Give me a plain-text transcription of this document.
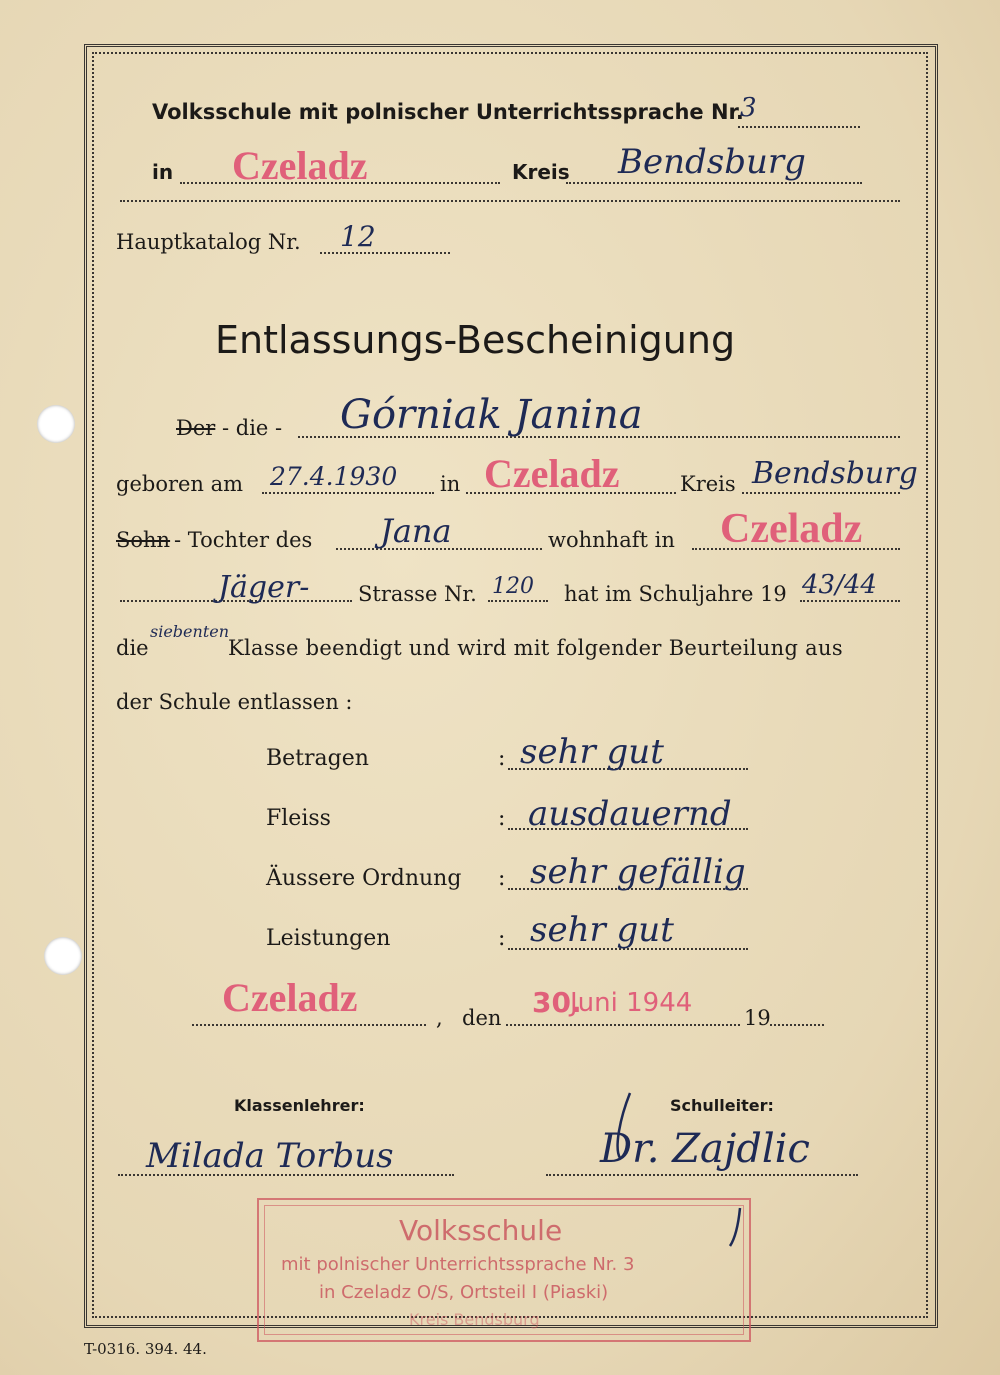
Volksschule mit polnischer Unterrichtssprache Nr.
3
in Czeladz	Kreis Bendsburg
Hauptkatalog Nr. 12
Entlassungs-Bescheinigung
Der - die - Górniak Janina
geboren am 27.4.1930 in Czeladz	Kreis Bendsburg
Sohn - Tochter des Jana	wohnhaft in Czeladz
Jäger- Strasse Nr. 120 hat im Schuljahre 19 43/44
die
siebenten
Klasse beendigt und wird mit folgender Beurteilung aus
der Schule entlassen :
Betragen	: sehr gut
Fleiss	: ausdauernd
Äussere Ordnung : sehr gefällig
Leistungen	: sehr gut
Czeladz	, den 30.
Juni 1944 19
Klassenlehrer:	Schulleiter:
Milada Torbus	Dr. Zajdlic
Volksschule
mit polnischer Unterrichtssprache Nr. 3
in Czeladz O/S, Ortsteil I (Piaski)
Kreis Bendsburg
T-0316. 394. 44.
